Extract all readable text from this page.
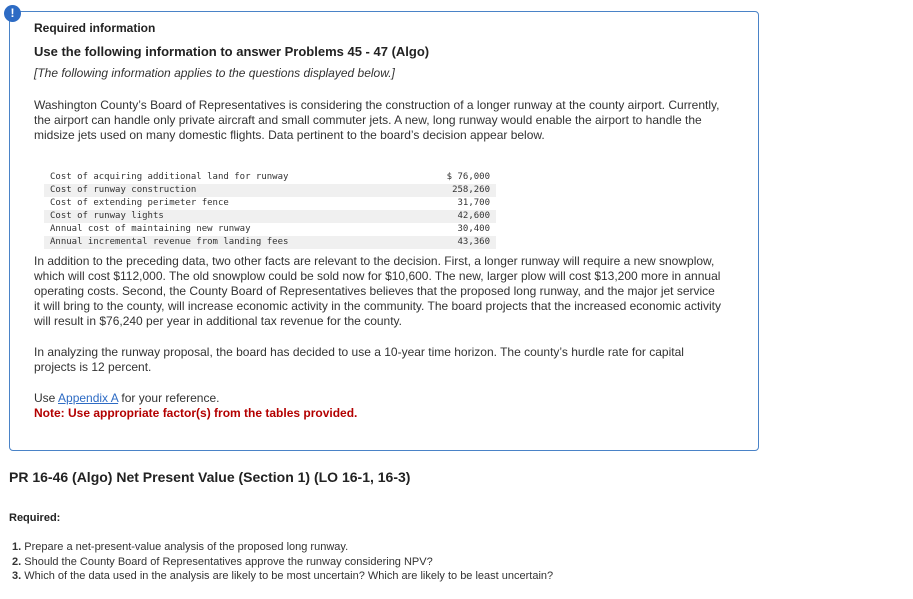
!
Required information
Use the following information to answer Problems 45 - 47 (Algo)
[The following information applies to the questions displayed below.]
Washington County’s Board of Representatives is considering the construction of a longer runway at the county airport. Currently, the airport can handle only private aircraft and small commuter jets. A new, long runway would enable the airport to handle the midsize jets used on many domestic flights. Data pertinent to the board’s decision appear below.
Cost of acquiring additional land for runway	$ 76,000
Cost of runway construction	258,260
Cost of extending perimeter fence	31,700
Cost of runway lights	42,600
Annual cost of maintaining new runway	30,400
Annual incremental revenue from landing fees	43,360
In addition to the preceding data, two other facts are relevant to the decision. First, a longer runway will require a new snowplow, which will cost $112,000. The old snowplow could be sold now for $10,600. The new, larger plow will cost $13,200 more in annual operating costs. Second, the County Board of Representatives believes that the proposed long runway, and the major jet service it will bring to the county, will increase economic activity in the community. The board projects that the increased economic activity will result in $76,240 per year in additional tax revenue for the county.
In analyzing the runway proposal, the board has decided to use a 10-year time horizon. The county’s hurdle rate for capital projects is 12 percent.
Use Appendix A for your reference.
Note: Use appropriate factor(s) from the tables provided.
PR 16-46 (Algo) Net Present Value (Section 1) (LO 16-1, 16-3)
Required:
1. Prepare a net-present-value analysis of the proposed long runway.
2. Should the County Board of Representatives approve the runway considering NPV?
3. Which of the data used in the analysis are likely to be most uncertain? Which are likely to be least uncertain?
